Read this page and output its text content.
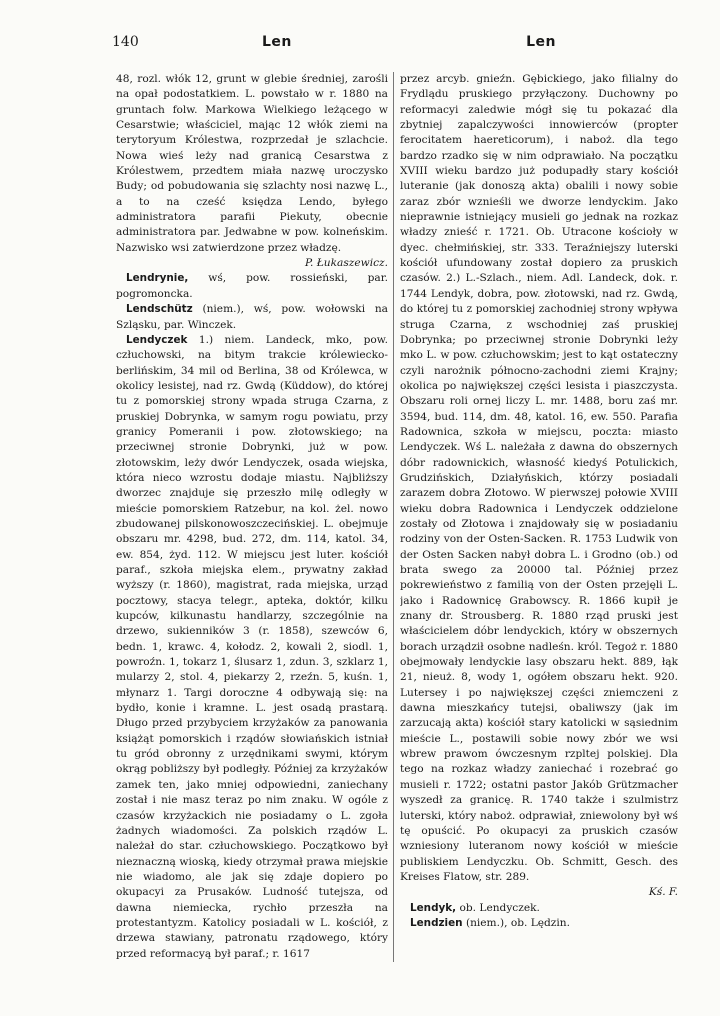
140	Len	Len

48, rozl. włók 12, grunt w glebie średniej, zarośli na opał podostatkiem. L. powstało w r. 1880 na gruntach folw. Markowa Wielkiego leżącego w Cesarstwie; właściciel, mając 12 włók ziemi na terytoryum Królestwa, rozprzedał je szlachcie. Nowa wieś leży nad granicą Cesarstwa z Królestwem, przedtem miała nazwę uroczysko Budy; od pobudowania się szlachty nosi nazwę L., a to na cześć księdza Lendo, byłego administratora parafii Piekuty, obecnie administratora par. Jedwabne w pow. kolneńskim. Nazwisko wsi zatwierdzone przez władzę.

P. Łukaszewicz.

Lendrynie, wś, pow. rossieński, par. pogromoncka.

Lendschütz (niem.), wś, pow. wołowski na Szląsku, par. Winczek.

Lendyczek 1.) niem. Landeck, mko, pow. człuchowski, na bitym trakcie królewiecko-berlińskim, 34 mil od Berlina, 38 od Królewca, w okolicy lesistej, nad rz. Gwdą (Küddow), do której tu z pomorskiej strony wpada struga Czarna, z pruskiej Dobrynka, w samym rogu powiatu, przy granicy Pomeranii i pow. złotowskiego; na przeciwnej stronie Dobrynki, już w pow. złotowskim, leży dwór Lendyczek, osada wiejska, która nieco wzrostu dodaje miastu. Najbliższy dworzec znajduje się przeszło milę odległy w mieście pomorskiem Ratzebur, na kol. żel. nowo zbudowanej pilskonowoszczecińskiej. L. obejmuje obszaru mr. 4298, bud. 272, dm. 114, katol. 34, ew. 854, żyd. 112. W miejscu jest luter. kościół paraf., szkoła miejska elem., prywatny zakład wyższy (r. 1860), magistrat, rada miejska, urząd pocztowy, stacya telegr., apteka, doktór, kilku kupców, kilkunastu handlarzy, szczególnie na drzewo, sukienników 3 (r. 1858), szewców 6, bedn. 1, krawc. 4, kołodz. 2, kowali 2, siodl. 1, powroźn. 1, tokarz 1, ślusarz 1, zdun. 3, szklarz 1, mularzy 2, stol. 4, piekarzy 2, rzeźn. 5, kuśn. 1, młynarz 1. Targi doroczne 4 odbywają się: na bydło, konie i kramne. L. jest osadą prastarą. Długo przed przybyciem krzyżaków za panowania książąt pomorskich i rządów słowiańskich istniał tu gród obronny z urzędnikami swymi, którym okrąg pobliższy był podległy. Później za krzyżaków zamek ten, jako mniej odpowiedni, zaniechany został i nie masz teraz po nim znaku. W ogóle z czasów krzyżackich nie posiadamy o L. zgoła żadnych wiadomości. Za polskich rządów L. należał do star. człuchowskiego. Początkowo był nieznaczną wioską, kiedy otrzymał prawa miejskie nie wiadomo, ale jak się zdaje dopiero po okupacyi za Prusaków. Ludność tutejsza, od dawna niemiecka, rychło przeszła na protestantyzm. Katolicy posiadali w L. kościół, z drzewa stawiany, patronatu rządowego, który przed reformacyą był paraf.; r. 1617

przez arcyb. gnieźn. Gębickiego, jako filialny do Frydlądu pruskiego przyłączony. Duchowny po reformacyi zaledwie mógł się tu pokazać dla zbytniej zapalczywości innowierców (propter ferocitatem haereticorum), i naboż. dla tego bardzo rzadko się w nim odprawiało. Na początku XVIII wieku bardzo już podupadły stary kościół luteranie (jak donoszą akta) obalili i nowy sobie zaraz zbór wznieśli we dworze lendyckim. Jako nieprawnie istniejący musieli go jednak na rozkaz władzy znieść r. 1721. Ob. Utracone kościoły w dyec. chełmińskiej, str. 333. Teraźniejszy luterski kościół ufundowany został dopiero za pruskich czasów. 2.) L.-Szlach., niem. Adl. Landeck, dok. r. 1744 Lendyk, dobra, pow. złotowski, nad rz. Gwdą, do której tu z pomorskiej zachodniej strony wpływa struga Czarna, z wschodniej zaś pruskiej Dobrynka; po przeciwnej stronie Dobrynki leży mko L. w pow. człuchowskim; jest to kąt ostateczny czyli narożnik północno-zachodni ziemi Krajny; okolica po największej części lesista i piaszczysta. Obszaru roli ornej liczy L. mr. 1488, boru zaś mr. 3594, bud. 114, dm. 48, katol. 16, ew. 550. Parafia Radownica, szkoła w miejscu, poczta: miasto Lendyczek. Wś L. należała z dawna do obszernych dóbr radownickich, własność kiedyś Potulickich, Grudzińskich, Działyńskich, którzy posiadali zarazem dobra Złotowo. W pierwszej połowie XVIII wieku dobra Radownica i Lendyczek oddzielone zostały od Złotowa i znajdowały się w posiadaniu rodziny von der Osten-Sacken. R. 1753 Ludwik von der Osten Sacken nabył dobra L. i Grodno (ob.) od brata swego za 20000 tal. Później przez pokrewieństwo z familią von der Osten przejęli L. jako i Radownicę Grabowscy. R. 1866 kupił je znany dr. Strousberg. R. 1880 rząd pruski jest właścicielem dóbr lendyckich, który w obszernych borach urządził osobne nadleśn. król. Tegoż r. 1880 obejmowały lendyckie lasy obszaru hekt. 889, łąk 21, nieuż. 8, wody 1, ogółem obszaru hekt. 920. Lutersey i po największej części zniemczeni z dawna mieszkańcy tutejsi, obaliwszy (jak im zarzucają akta) kościół stary katolicki w sąsiednim mieście L., postawili sobie nowy zbór we wsi wbrew prawom ówczesnym rzpltej polskiej. Dla tego na rozkaz władzy zaniechać i rozebrać go musieli r. 1722; ostatni pastor Jakób Grützmacher wyszedł za granicę. R. 1740 także i szulmistrz luterski, który naboż. odprawiał, zniewolony był wś tę opuścić. Po okupacyi za pruskich czasów wzniesiony luteranom nowy kościół w mieście publiskiem Lendyczku. Ob. Schmitt, Gesch. des Kreises Flatow, str. 289.

Kś. F.

Lendyk, ob. Lendyczek.

Lendzien (niem.), ob. Lędzin.
